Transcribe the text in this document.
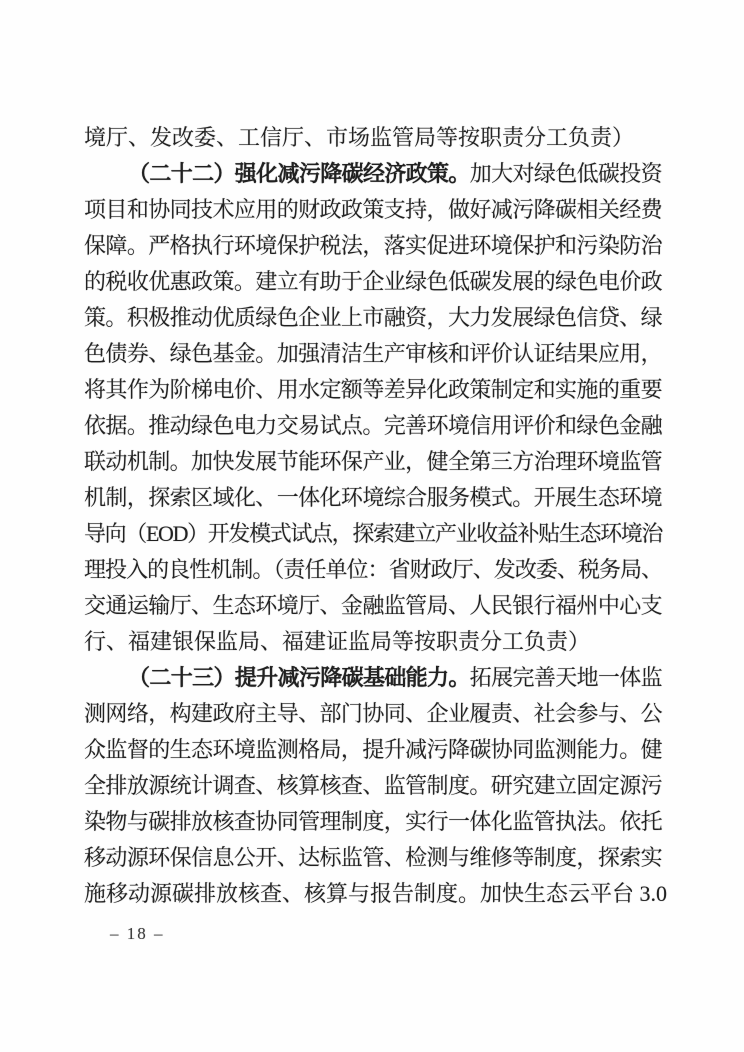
境厅、发改委、工信厅、市场监管局等按职责分工负责）
（二十二）强化减污降碳经济政策。加大对绿色低碳投资
项目和协同技术应用的财政政策支持，做好减污降碳相关经费
保障。严格执行环境保护税法，落实促进环境保护和污染防治
的税收优惠政策。建立有助于企业绿色低碳发展的绿色电价政
策。积极推动优质绿色企业上市融资，大力发展绿色信贷、绿
色债券、绿色基金。加强清洁生产审核和评价认证结果应用，
将其作为阶梯电价、用水定额等差异化政策制定和实施的重要
依据。推动绿色电力交易试点。完善环境信用评价和绿色金融
联动机制。加快发展节能环保产业，健全第三方治理环境监管
机制，探索区域化、一体化环境综合服务模式。开展生态环境
导向（EOD）开发模式试点，探索建立产业收益补贴生态环境治
理投入的良性机制。（责任单位：省财政厅、发改委、税务局、
交通运输厅、生态环境厅、金融监管局、人民银行福州中心支
行、福建银保监局、福建证监局等按职责分工负责）
（二十三）提升减污降碳基础能力。拓展完善天地一体监
测网络，构建政府主导、部门协同、企业履责、社会参与、公
众监督的生态环境监测格局，提升减污降碳协同监测能力。健
全排放源统计调查、核算核查、监管制度。研究建立固定源污
染物与碳排放核查协同管理制度，实行一体化监管执法。依托
移动源环保信息公开、达标监管、检测与维修等制度，探索实
施移动源碳排放核查、核算与报告制度。加快生态云平台 3.0
– 18 –
